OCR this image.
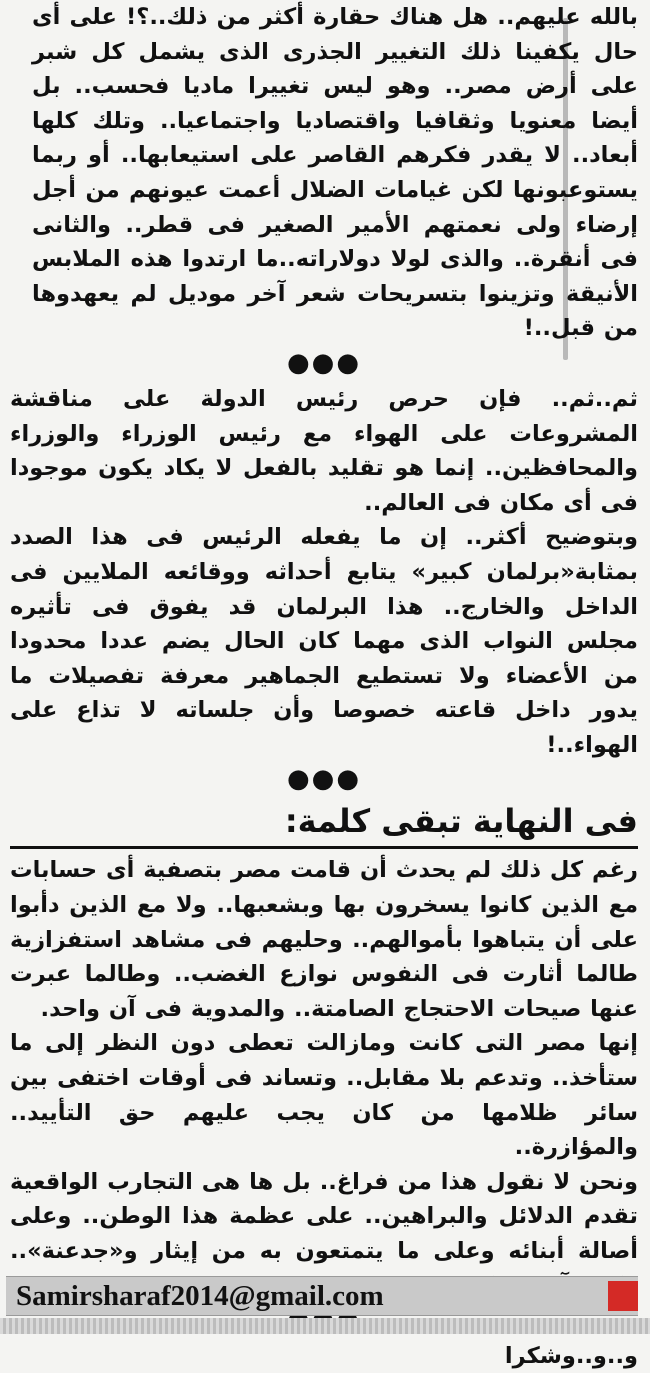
بالله عليهم.. هل هناك حقارة أكثر من ذلك..؟! على أى حال يكفينا ذلك التغيير الجذرى الذى يشمل كل شبر على أرض مصر.. وهو ليس تغييرا ماديا فحسب.. بل أيضا معنويا وثقافيا واقتصاديا واجتماعيا.. وتلك كلها أبعاد.. لا يقدر فكرهم القاصر على استيعابها.. أو ربما يستوعبونها لكن غيامات الضلال أعمت عيونهم من أجل إرضاء ولى نعمتهم الأمير الصغير فى قطر.. والثانى فى أنقرة.. والذى لولا دولاراته..ما ارتدوا هذه الملابس الأنيقة وتزينوا بتسريحات شعر آخر موديل لم يعهدوها من قبل..!

●●●

ثم..ثم.. فإن حرص رئيس الدولة على مناقشة المشروعات على الهواء مع رئيس الوزراء والوزراء والمحافظين.. إنما هو تقليد بالفعل لا يكاد يكون موجودا فى أى مكان فى العالم..

وبتوضيح أكثر.. إن ما يفعله الرئيس فى هذا الصدد بمثابة«برلمان كبير» يتابع أحداثه ووقائعه الملايين فى الداخل والخارج.. هذا البرلمان قد يفوق فى تأثيره مجلس النواب الذى مهما كان الحال يضم عددا محدودا من الأعضاء ولا تستطيع الجماهير معرفة تفصيلات ما يدور داخل قاعته خصوصا وأن جلساته لا تذاع على الهواء..!

●●●
فى النهاية تبقى كلمة:

رغم كل ذلك لم يحدث أن قامت مصر بتصفية أى حسابات مع الذين كانوا يسخرون بها وبشعبها.. ولا مع الذين دأبوا على أن يتباهوا بأموالهم.. وحليهم فى مشاهد استفزازية طالما أثارت فى النفوس نوازع الغضب.. وطالما عبرت عنها صيحات الاحتجاج الصامتة.. والمدوية فى آن واحد.

إنها مصر التى كانت ومازالت تعطى دون النظر إلى ما ستأخذ.. وتدعم بلا مقابل.. وتساند فى أوقات اختفى بين سائر ظلامها من كان يجب عليهم حق التأييد.. والمؤازرة..

ونحن لا نقول هذا من فراغ.. بل ها هى التجارب الواقعية تقدم الدلائل والبراهين.. على عظمة هذا الوطن.. وعلى أصالة أبنائه وعلى ما يتمتعون به من إيثار و«جدعنة»..

و..و..وشكرا

Samirsharaf2014@gmail.com
